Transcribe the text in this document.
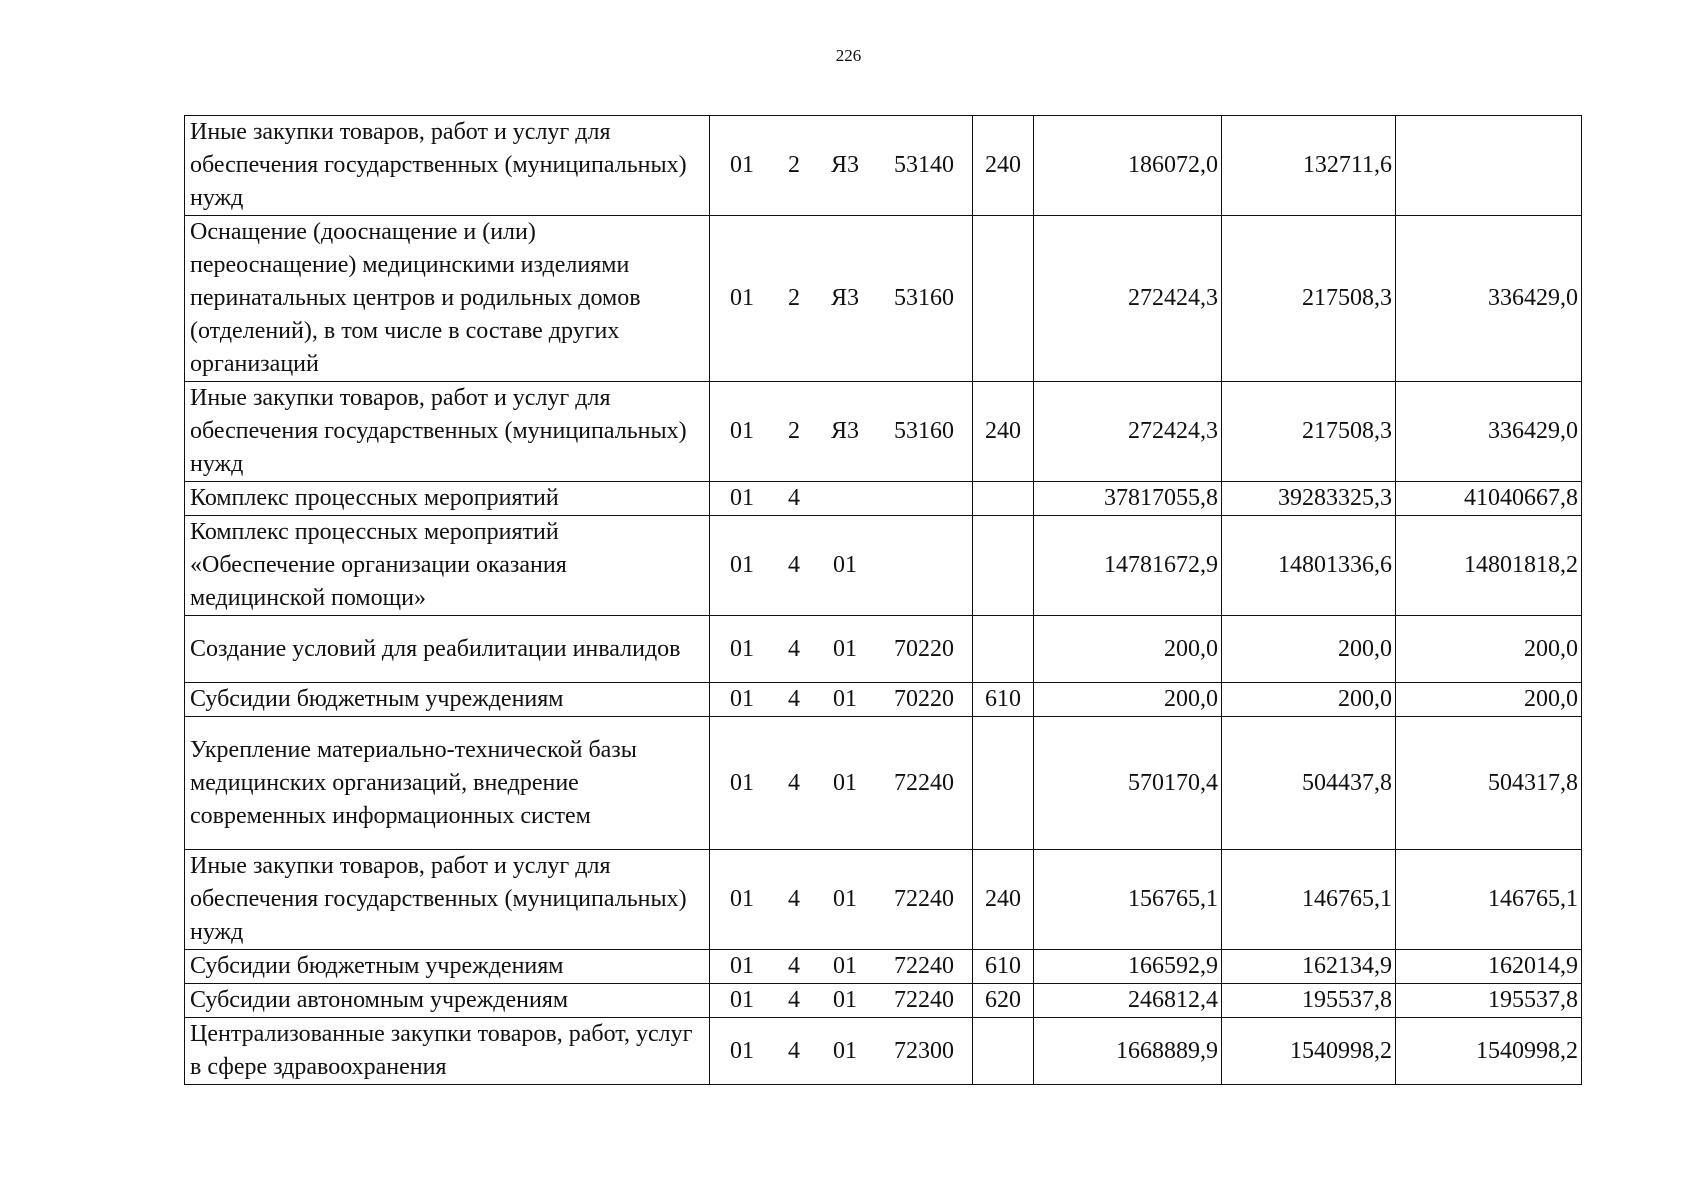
226
Иные закупки товаров, работ и услуг для обеспечения государственных (муниципальных) нужд	01 2 Я3 53140	240	186072,0	132711,6	
Оснащение (дооснащение и (или) переоснащение) медицинскими изделиями перинатальных центров и родильных домов (отделений), в том числе в составе других организаций	01 2 Я3 53160		272424,3	217508,3	336429,0
Иные закупки товаров, работ и услуг для обеспечения государственных (муниципальных) нужд	01 2 Я3 53160	240	272424,3	217508,3	336429,0
Комплекс процессных мероприятий	01 4		37817055,8	39283325,3	41040667,8
Комплекс процессных мероприятий «Обеспечение организации оказания медицинской помощи»	01 4 01		14781672,9	14801336,6	14801818,2
Создание условий для реабилитации инвалидов	01 4 01 70220		200,0	200,0	200,0
Субсидии бюджетным учреждениям	01 4 01 70220	610	200,0	200,0	200,0
Укрепление материально-технической базы медицинских организаций, внедрение современных информационных систем	01 4 01 72240		570170,4	504437,8	504317,8
Иные закупки товаров, работ и услуг для обеспечения государственных (муниципальных) нужд	01 4 01 72240	240	156765,1	146765,1	146765,1
Субсидии бюджетным учреждениям	01 4 01 72240	610	166592,9	162134,9	162014,9
Субсидии автономным учреждениям	01 4 01 72240	620	246812,4	195537,8	195537,8
Централизованные закупки товаров, работ, услуг в сфере здравоохранения	01 4 01 72300		1668889,9	1540998,2	1540998,2
